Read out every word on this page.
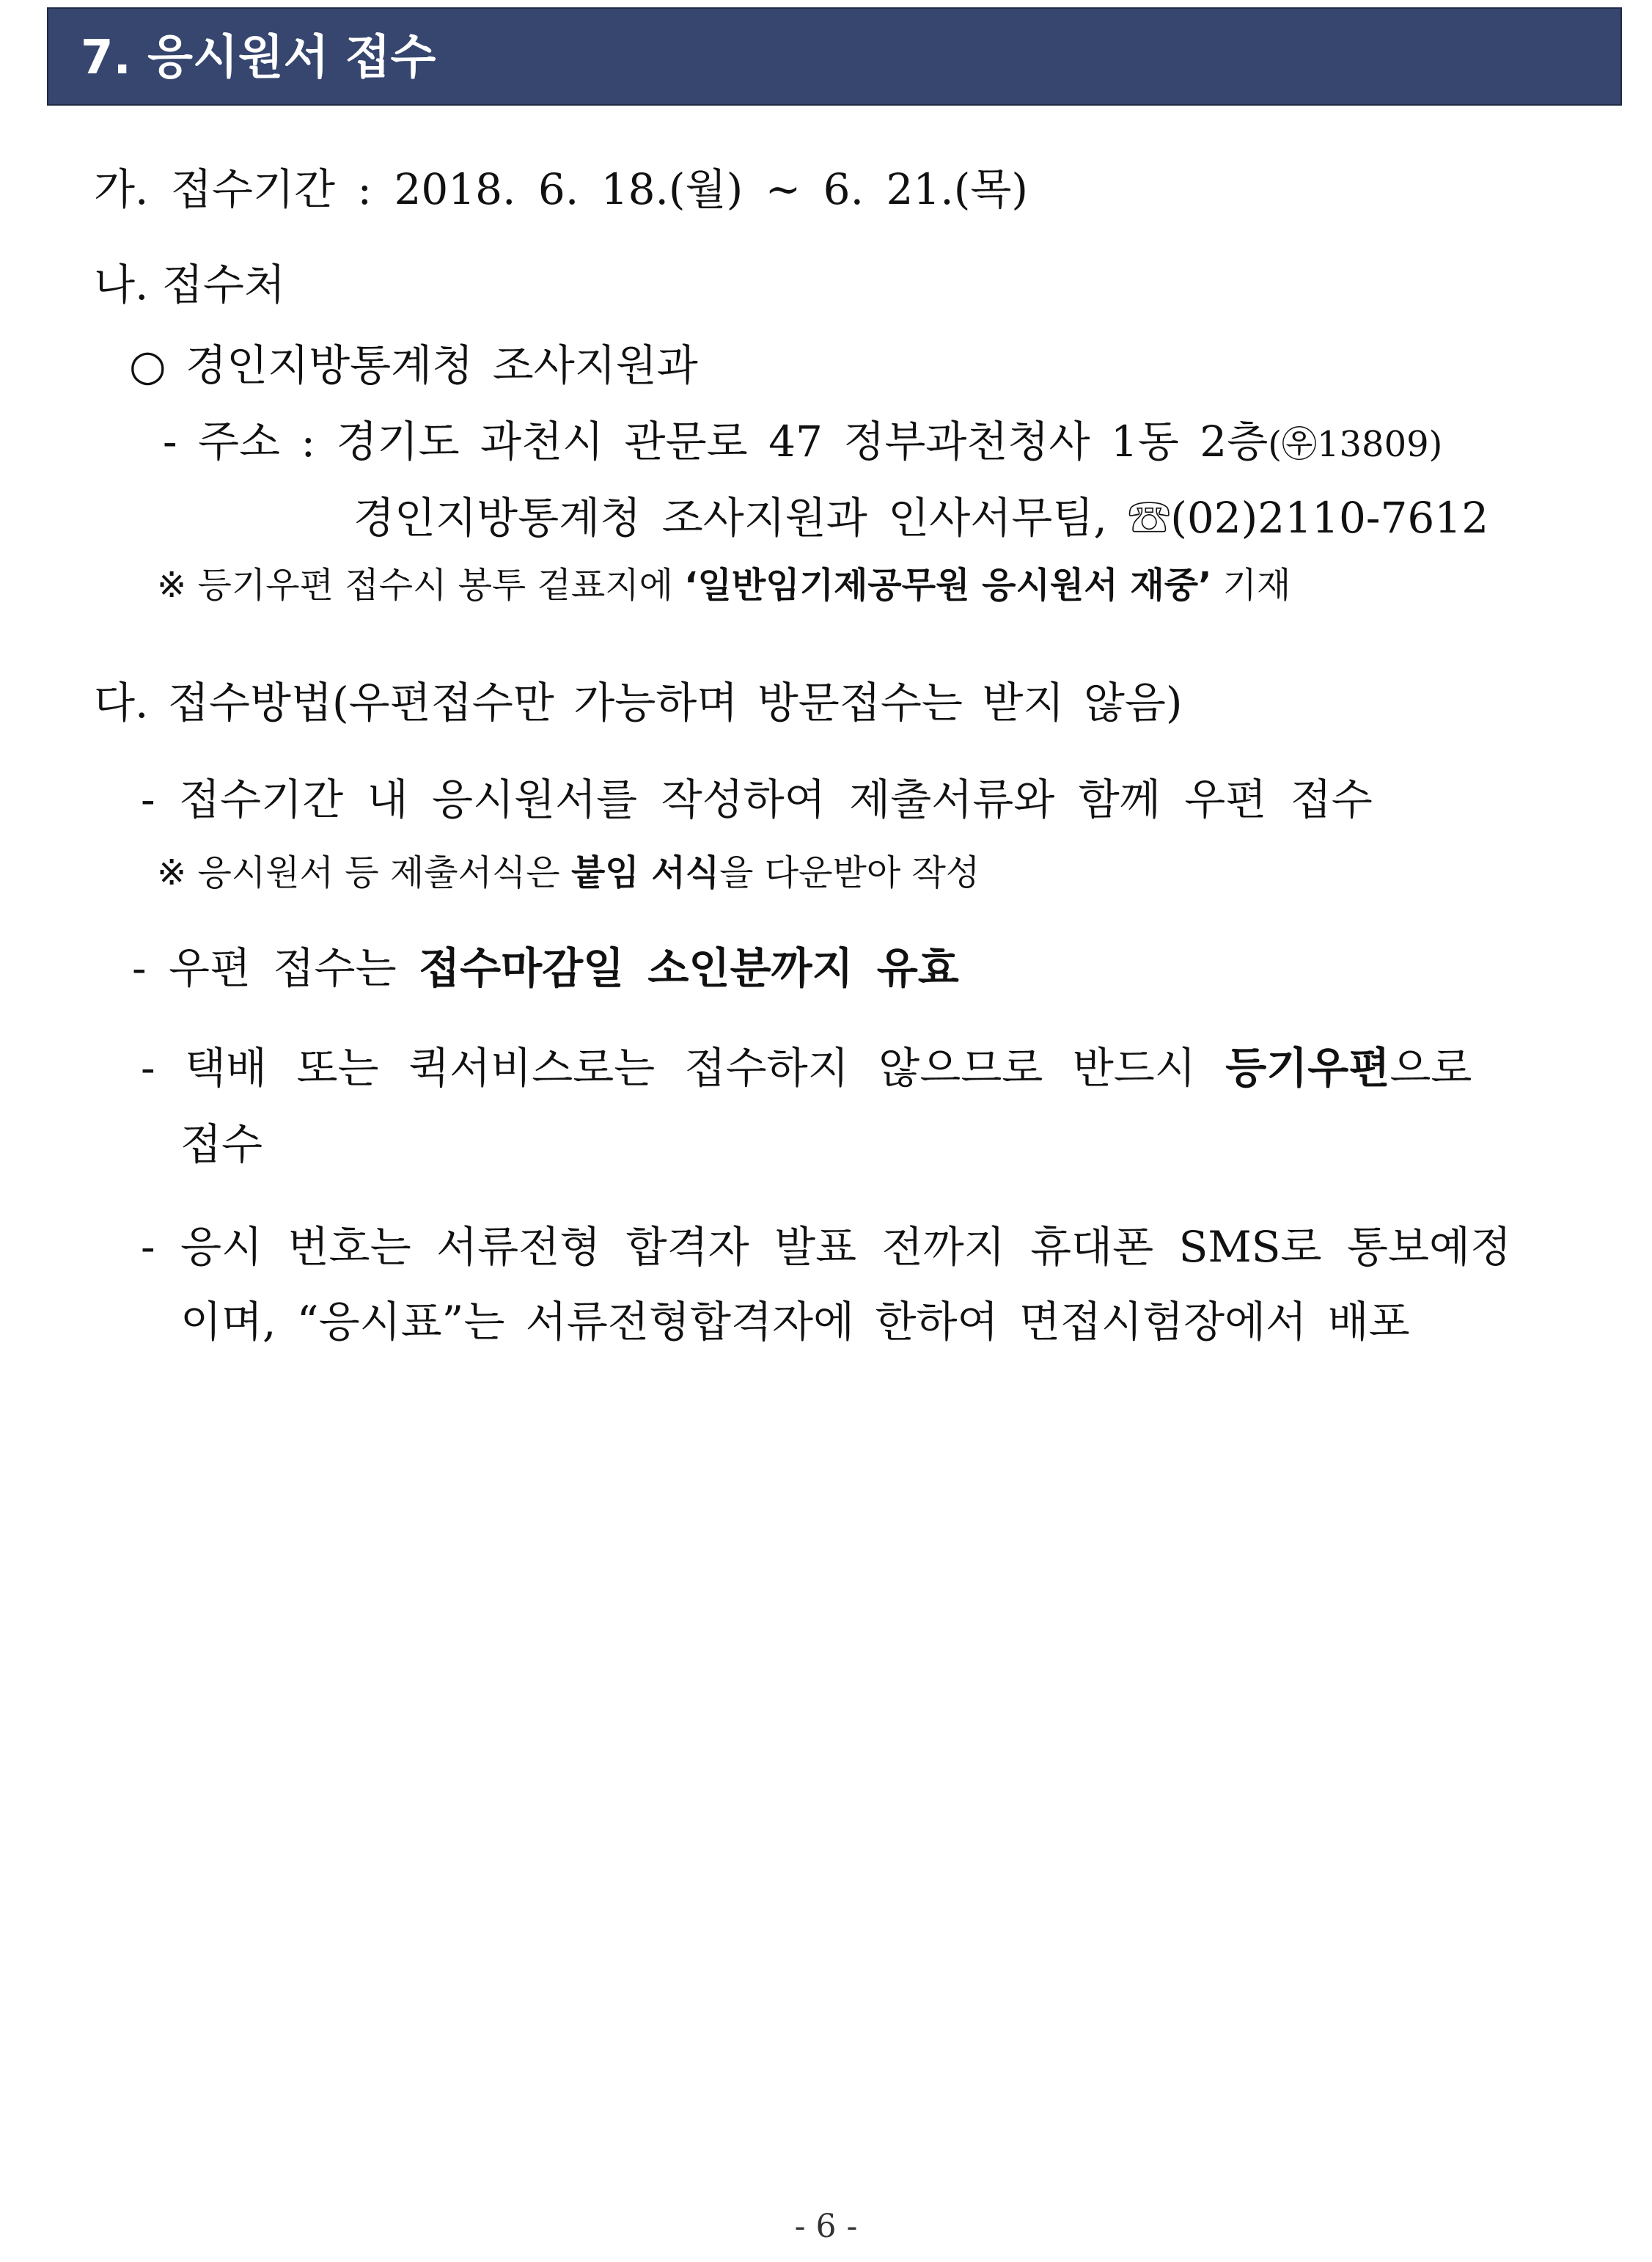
7. 응시원서 접수
가. 접수기간 : 2018. 6. 18.(월) ~ 6. 21.(목)
나. 접수처
○ 경인지방통계청 조사지원과
- 주소 : 경기도 과천시 관문로 47 정부과천청사 1동 2층(㉾13809)
경인지방통계청 조사지원과 인사서무팀, ☏(02)2110-7612
※ 등기우편 접수시 봉투 겉표지에 ‘일반임기제공무원 응시원서 재중’ 기재
다. 접수방법(우편접수만 가능하며 방문접수는 받지 않음)
- 접수기간 내 응시원서를 작성하여 제출서류와 함께 우편 접수
※ 응시원서 등 제출서식은 붙임 서식을 다운받아 작성
- 우편 접수는 접수마감일 소인분까지 유효
- 택배 또는 퀵서비스로는 접수하지 않으므로 반드시 등기우편으로
접수
- 응시 번호는 서류전형 합격자 발표 전까지 휴대폰 SMS로 통보예정
이며, “응시표”는 서류전형합격자에 한하여 면접시험장에서 배포
- 6 -
